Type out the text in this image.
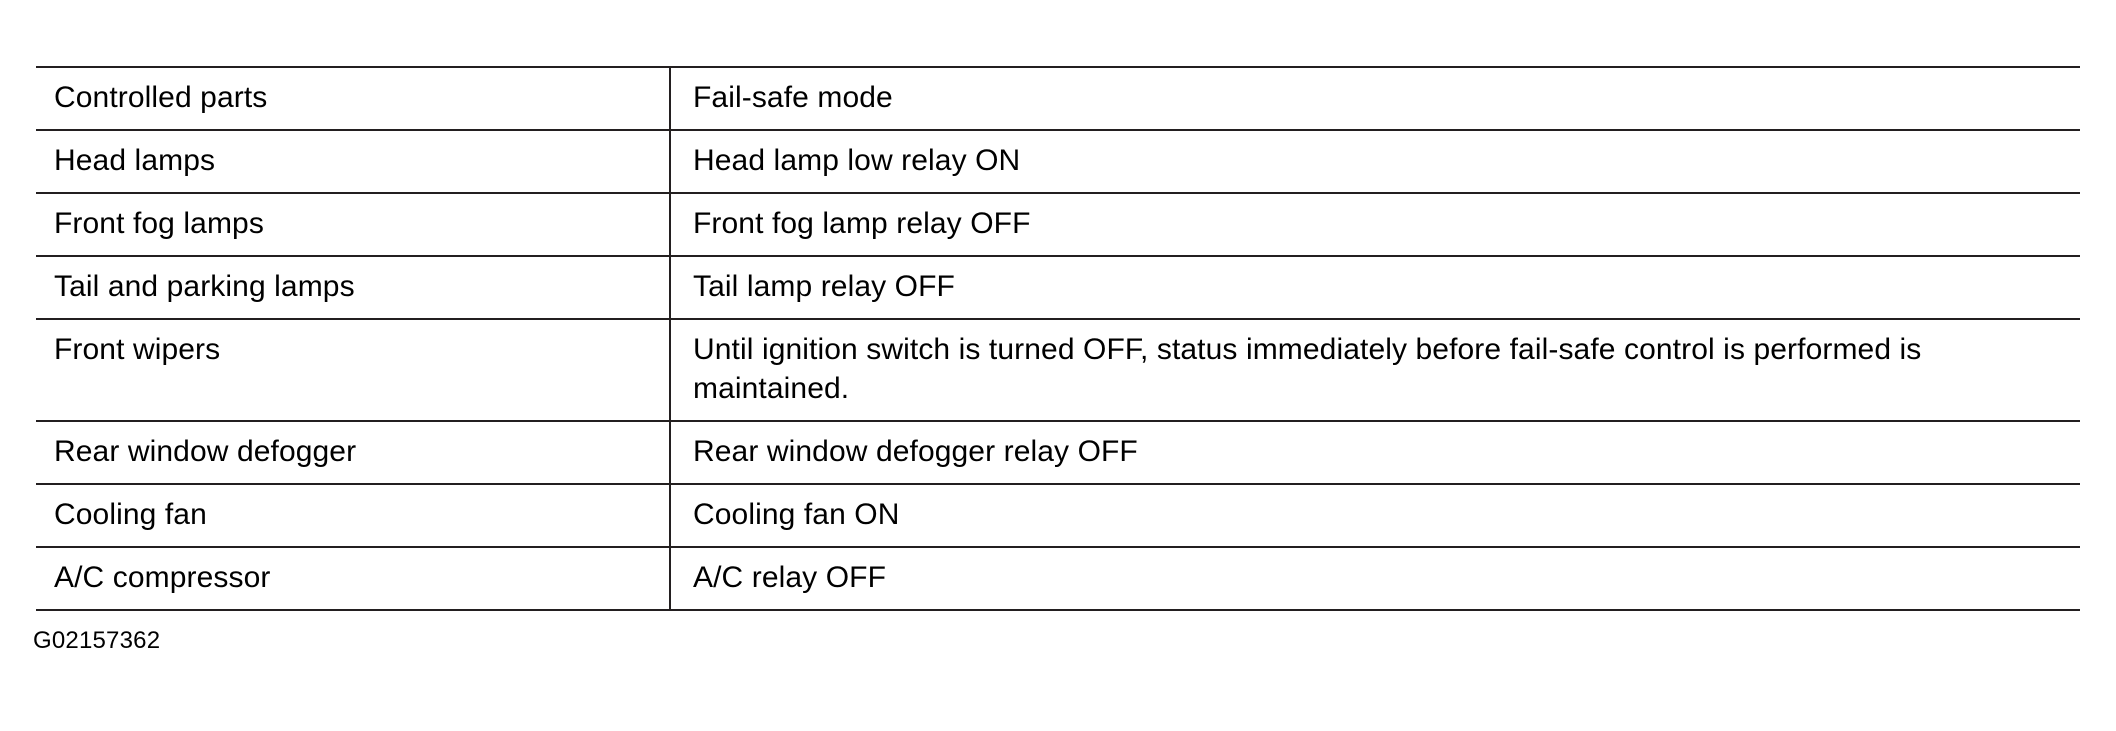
Controlled parts	Fail-safe mode
Head lamps	Head lamp low relay ON
Front fog lamps	Front fog lamp relay OFF
Tail and parking lamps	Tail lamp relay OFF
Front wipers	Until ignition switch is turned OFF, status immediately before fail-safe control is performed is maintained.
Rear window defogger	Rear window defogger relay OFF
Cooling fan	Cooling fan ON
A/C compressor	A/C relay OFF
G02157362
